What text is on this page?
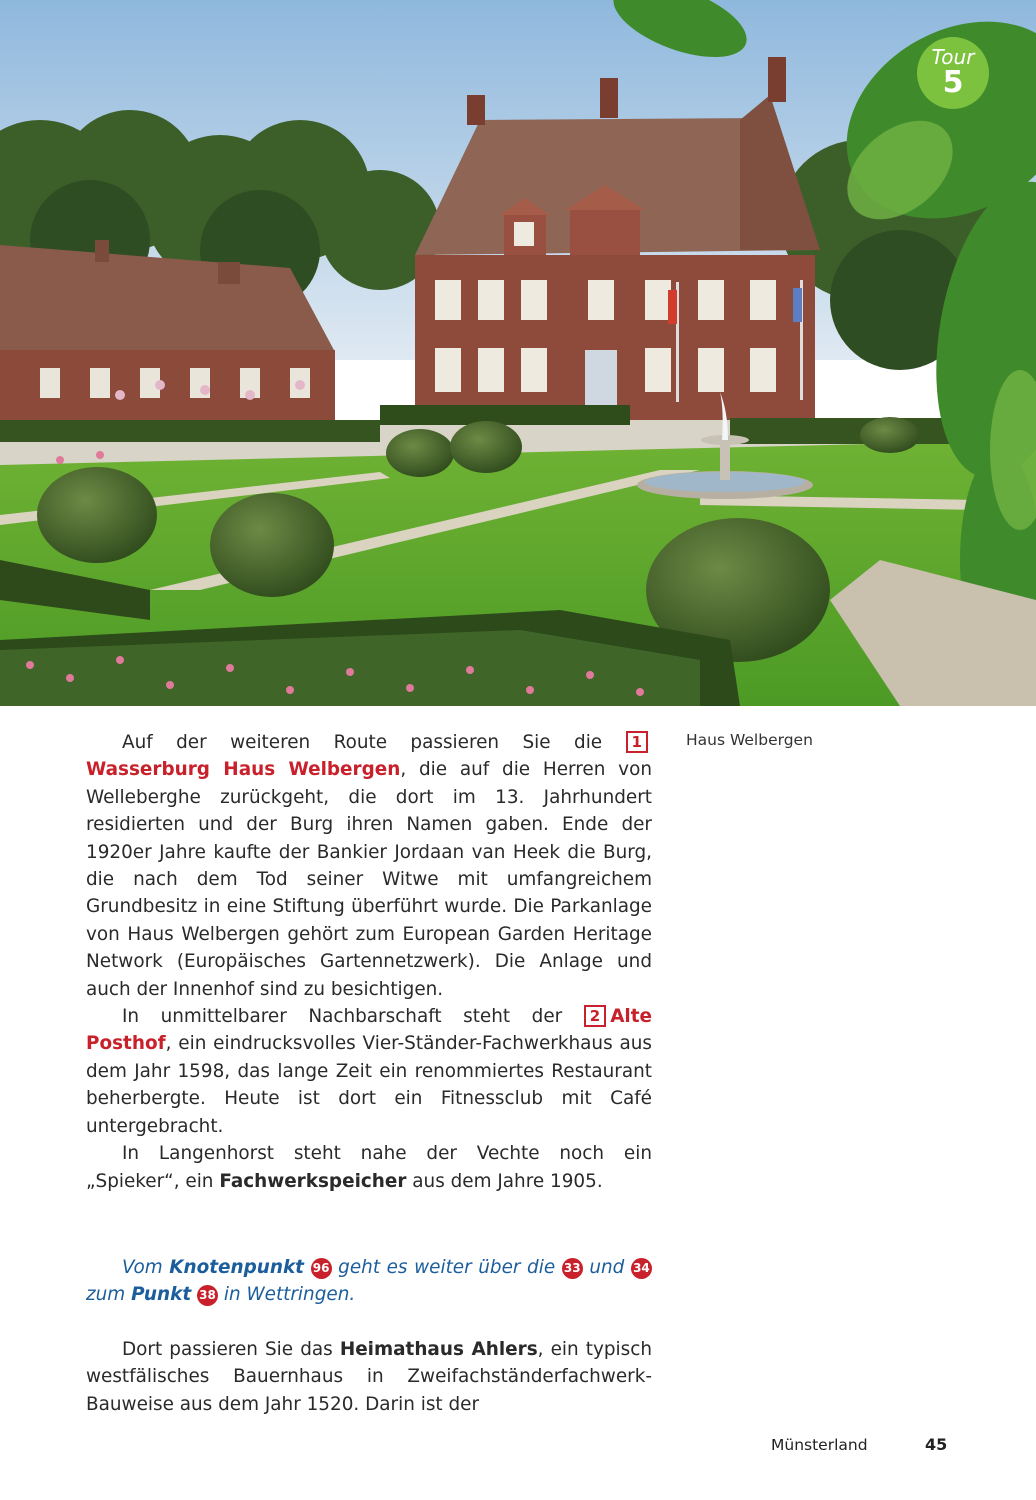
Tour
5
Haus Welbergen

Auf der weiteren Route passieren Sie die 1Wasserburg Haus Welbergen, die auf die Herren von Welleberghe zurückgeht, die dort im 13. Jahrhundert residierten und der Burg ihren Namen gaben. Ende der 1920er Jahre kaufte der Bankier Jordaan van Heek die Burg, die nach dem Tod seiner Witwe mit umfangreichem Grundbesitz in eine Stiftung überführt wurde. Die Parkanlage von Haus Welbergen gehört zum European Garden Heritage Network (Europäisches Gartennetzwerk). Die Anlage und auch der Innenhof sind zu besichtigen.

In unmittelbarer Nachbarschaft steht der 2 Alte Posthof, ein eindrucksvolles Vier-Ständer-Fachwerkhaus aus dem Jahr 1598, das lange Zeit ein renommiertes Restaurant beherbergte. Heute ist dort ein Fitnessclub mit Café untergebracht.

In Langenhorst steht nahe der Vechte noch ein „Spieker“, ein Fachwerkspeicher aus dem Jahre 1905.

Vom Knotenpunkt 96 geht es weiter über die 33 und 34 zum Punkt 38 in Wettringen.

Dort passieren Sie das Heimathaus Ahlers, ein typisch westfälisches Bauernhaus in Zweifachständerfachwerk-Bauweise aus dem Jahr 1520. Darin ist der

Münsterland	45
